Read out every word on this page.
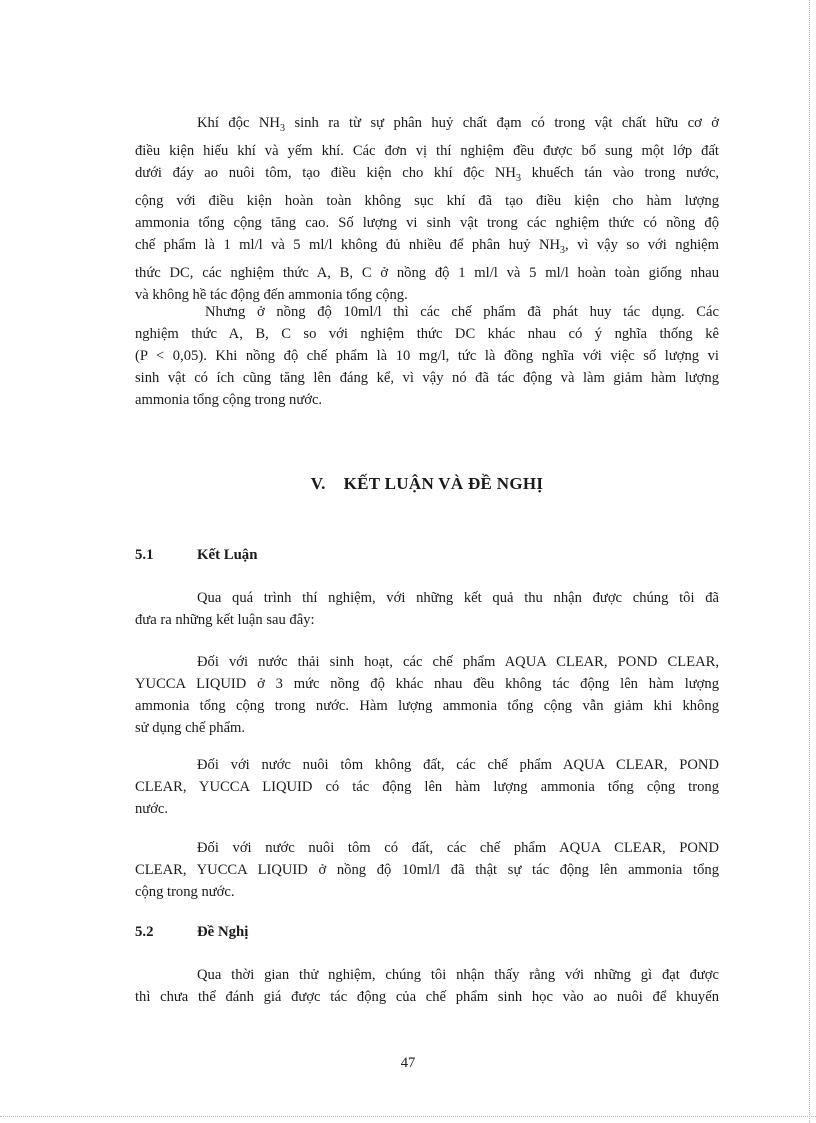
Khí độc $NH_3$ sinh ra từ sự phân huỷ chất đạm có trong vật chất hữu cơ ở
điều kiện hiếu khí và yếm khí. Các đơn vị thí nghiệm đều được bổ sung một lớp đất
dưới đáy ao nuôi tôm, tạo điều kiện cho khí độc $NH_3$ khuếch tán vào trong nước,
cộng với điều kiện hoàn toàn không sục khí đã tạo điều kiện cho hàm lượng
ammonia tổng cộng tăng cao. Số lượng vi sinh vật trong các nghiệm thức có nồng độ
chế phẩm là 1 ml/l và 5 ml/l không đủ nhiều để phân huỷ $NH_3$, vì vậy so với nghiệm
thức DC, các nghiệm thức A, B, C ở nồng độ 1 ml/l và 5 ml/l hoàn toàn giống nhau
và không hề tác động đến ammonia tổng cộng.
Nhưng ở nồng độ 10ml/l thì các chế phẩm đã phát huy tác dụng. Các
nghiệm thức A, B, C so với nghiệm thức DC khác nhau có ý nghĩa thống kê
(P < 0,05). Khi nồng độ chế phẩm là 10 mg/l, tức là đồng nghĩa với việc số lượng vi
sinh vật có ích cũng tăng lên đáng kể, vì vậy nó đã tác động và làm giảm hàm lượng
ammonia tổng cộng trong nước.
V. KẾT LUẬN VÀ ĐỀ NGHỊ
5.1	Kết Luận
Qua quá trình thí nghiệm, với những kết quả thu nhận được chúng tôi đã
đưa ra những kết luận sau đây:
Đối với nước thải sinh hoạt, các chế phẩm AQUA CLEAR, POND CLEAR,
YUCCA LIQUID ở 3 mức nồng độ khác nhau đều không tác động lên hàm lượng
ammonia tổng cộng trong nước. Hàm lượng ammonia tổng cộng vẫn giảm khi không
sử dụng chế phẩm.
Đối với nước nuôi tôm không đất, các chế phẩm AQUA CLEAR, POND
CLEAR, YUCCA LIQUID có tác động lên hàm lượng ammonia tổng cộng trong
nước.
Đối với nước nuôi tôm có đất, các chế phẩm AQUA CLEAR, POND
CLEAR, YUCCA LIQUID ở nồng độ 10ml/l đã thật sự tác động lên ammonia tổng
cộng trong nước.
5.2	Đề Nghị
Qua thời gian thử nghiệm, chúng tôi nhận thấy rằng với những gì đạt được
thì chưa thể đánh giá được tác động của chế phẩm sinh học vào ao nuôi để khuyến
47
